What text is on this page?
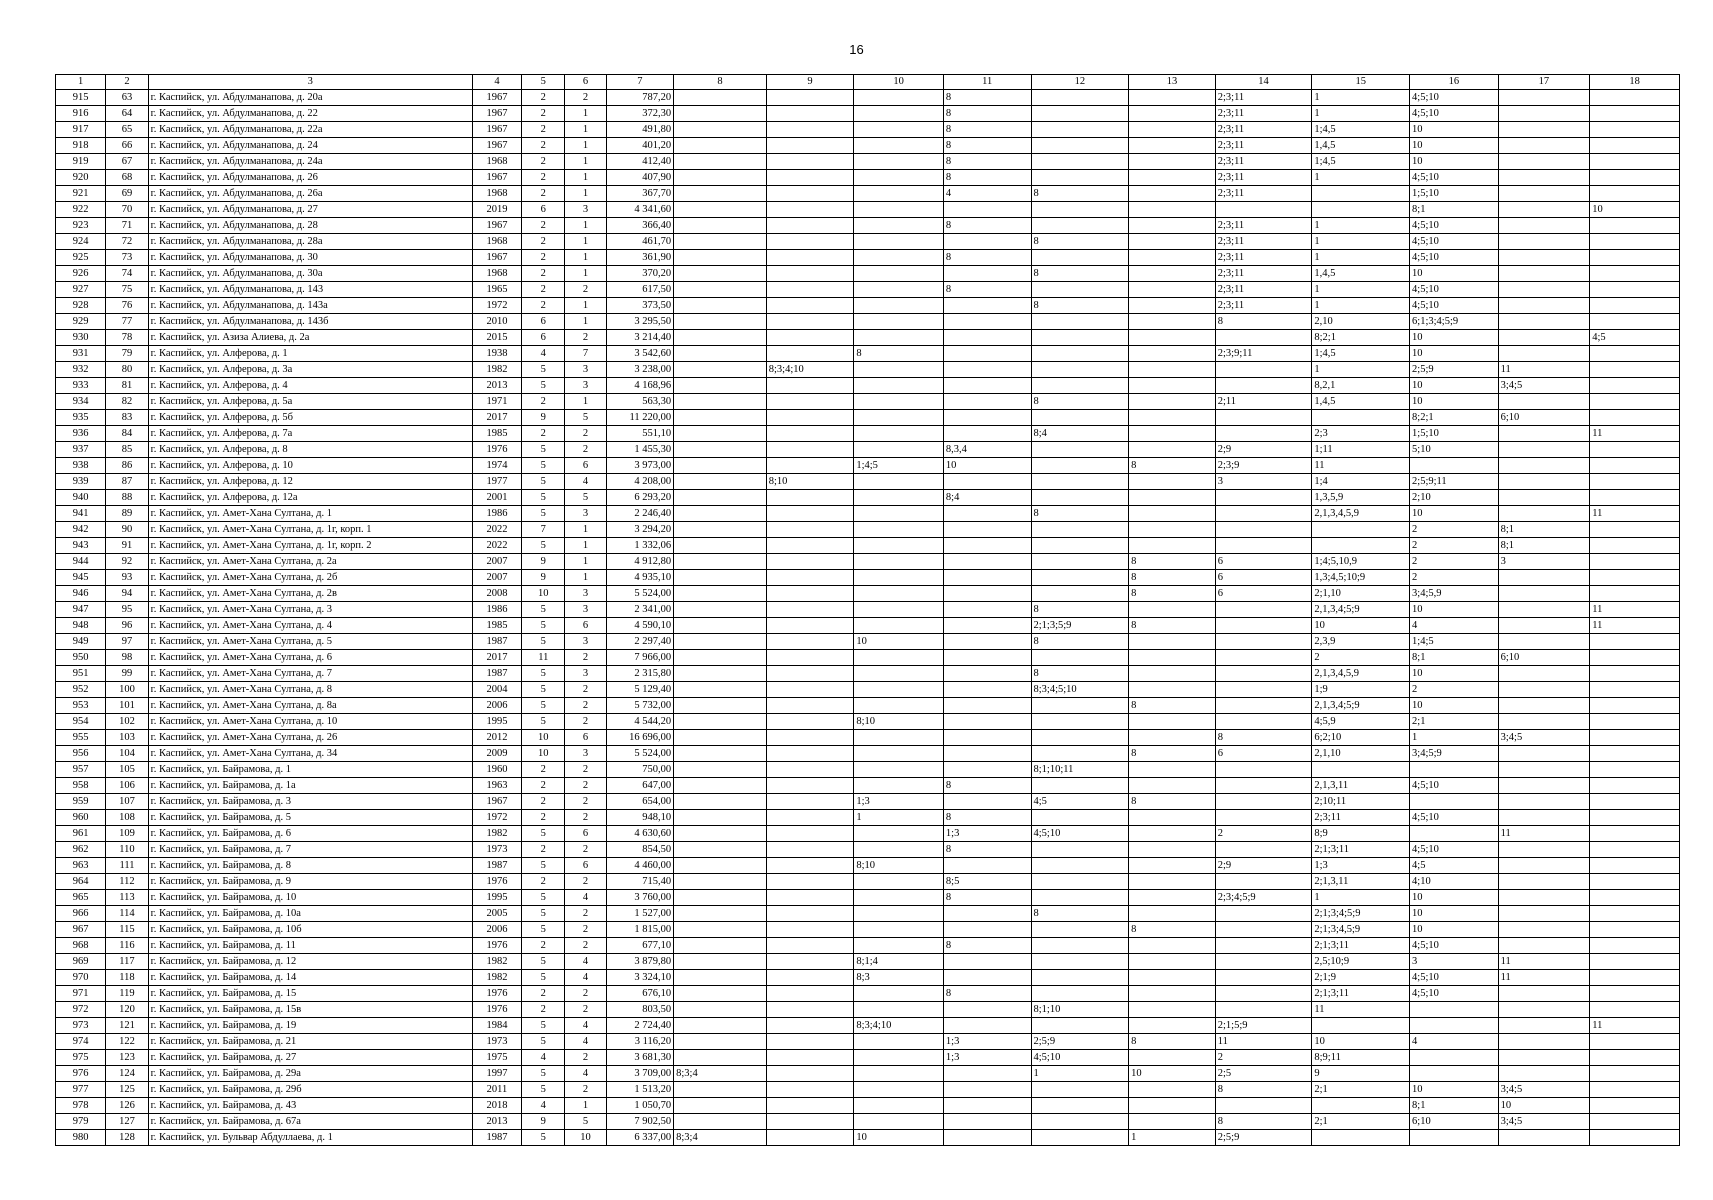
16
1	2	3	4	5	6	7	8	9	10	11	12	13	14	15	16	17	18
915	63	г. Каспийск, ул. Абдулманапова, д. 20а	1967	2	2	787,20				8			2;3;11	1	4;5;10		
916	64	г. Каспийск, ул. Абдулманапова, д. 22	1967	2	1	372,30				8			2;3;11	1	4;5;10		
917	65	г. Каспийск, ул. Абдулманапова, д. 22а	1967	2	1	491,80				8			2;3;11	1;4,5	10		
918	66	г. Каспийск, ул. Абдулманапова, д. 24	1967	2	1	401,20				8			2;3;11	1,4,5	10		
919	67	г. Каспийск, ул. Абдулманапова, д. 24а	1968	2	1	412,40				8			2;3;11	1;4,5	10		
920	68	г. Каспийск, ул. Абдулманапова, д. 26	1967	2	1	407,90				8			2;3;11	1	4;5;10		
921	69	г. Каспийск, ул. Абдулманапова, д. 26а	1968	2	1	367,70				4	8		2;3;11		1;5;10		
922	70	г. Каспийск, ул. Абдулманапова, д. 27	2019	6	3	4 341,60									8;1		10
923	71	г. Каспийск, ул. Абдулманапова, д. 28	1967	2	1	366,40				8			2;3;11	1	4;5;10		
924	72	г. Каспийск, ул. Абдулманапова, д. 28а	1968	2	1	461,70					8		2;3;11	1	4;5;10		
925	73	г. Каспийск, ул. Абдулманапова, д. 30	1967	2	1	361,90				8			2;3;11	1	4;5;10		
926	74	г. Каспийск, ул. Абдулманапова, д. 30а	1968	2	1	370,20					8		2;3;11	1,4,5	10		
927	75	г. Каспийск, ул. Абдулманапова, д. 143	1965	2	2	617,50				8			2;3;11	1	4;5;10		
928	76	г. Каспийск, ул. Абдулманапова, д. 143а	1972	2	1	373,50					8		2;3;11	1	4;5;10		
929	77	г. Каспийск, ул. Абдулманапова, д. 143б	2010	6	1	3 295,50							8	2,10	6;1;3;4;5;9		
930	78	г. Каспийск, ул. Азиза Алиева, д. 2а	2015	6	2	3 214,40								8;2;1	10		4;5
931	79	г. Каспийск, ул. Алферова, д. 1	1938	4	7	3 542,60			8				2;3;9;11	1;4,5	10		
932	80	г. Каспийск, ул. Алферова, д. 3а	1982	5	3	3 238,00		8;3;4;10						1	2;5;9	11	
933	81	г. Каспийск, ул. Алферова, д. 4	2013	5	3	4 168,96								8,2,1	10	3;4;5	
934	82	г. Каспийск, ул. Алферова, д. 5а	1971	2	1	563,30					8		2;11	1,4,5	10		
935	83	г. Каспийск, ул. Алферова, д. 5б	2017	9	5	11 220,00									8;2;1	6;10	
936	84	г. Каспийск, ул. Алферова, д. 7а	1985	2	2	551,10					8;4			2;3	1;5;10		11
937	85	г. Каспийск, ул. Алферова, д. 8	1976	5	2	1 455,30				8,3,4			2;9	1;11	5;10		
938	86	г. Каспийск, ул. Алферова, д. 10	1974	5	6	3 973,00			1;4;5	10		8	2;3;9	11			
939	87	г. Каспийск, ул. Алферова, д. 12	1977	5	4	4 208,00		8;10					3	1;4	2;5;9;11		
940	88	г. Каспийск, ул. Алферова, д. 12а	2001	5	5	6 293,20				8;4				1,3,5,9	2;10		
941	89	г. Каспийск, ул. Амет-Хана Султана, д. 1	1986	5	3	2 246,40					8			2,1,3,4,5,9	10		11
942	90	г. Каспийск, ул. Амет-Хана Султана, д. 1г, корп. 1	2022	7	1	3 294,20									2	8;1	
943	91	г. Каспийск, ул. Амет-Хана Султана, д. 1г, корп. 2	2022	5	1	1 332,06									2	8;1	
944	92	г. Каспийск, ул. Амет-Хана Султана, д. 2а	2007	9	1	4 912,80						8	6	1;4;5,10,9	2	3	
945	93	г. Каспийск, ул. Амет-Хана Султана, д. 2б	2007	9	1	4 935,10						8	6	1,3;4,5;10;9	2		
946	94	г. Каспийск, ул. Амет-Хана Султана, д. 2в	2008	10	3	5 524,00						8	6	2;1,10	3;4;5,9		
947	95	г. Каспийск, ул. Амет-Хана Султана, д. 3	1986	5	3	2 341,00					8			2,1,3,4;5;9	10		11
948	96	г. Каспийск, ул. Амет-Хана Султана, д. 4	1985	5	6	4 590,10					2;1;3;5;9	8		10	4		11
949	97	г. Каспийск, ул. Амет-Хана Султана, д. 5	1987	5	3	2 297,40			10		8			2,3,9	1;4;5		
950	98	г. Каспийск, ул. Амет-Хана Султана, д. 6	2017	11	2	7 966,00								2	8;1	6;10	
951	99	г. Каспийск, ул. Амет-Хана Султана, д. 7	1987	5	3	2 315,80					8			2,1,3,4,5,9	10		
952	100	г. Каспийск, ул. Амет-Хана Султана, д. 8	2004	5	2	5 129,40					8;3;4;5;10			1;9	2		
953	101	г. Каспийск, ул. Амет-Хана Султана, д. 8а	2006	5	2	5 732,00						8		2,1,3,4;5;9	10		
954	102	г. Каспийск, ул. Амет-Хана Султана, д. 10	1995	5	2	4 544,20			8;10					4;5,9	2;1		
955	103	г. Каспийск, ул. Амет-Хана Султана, д. 26	2012	10	6	16 696,00							8	6;2;10	1	3;4;5	
956	104	г. Каспийск, ул. Амет-Хана Султана, д. 34	2009	10	3	5 524,00						8	6	2,1,10	3;4;5;9		
957	105	г. Каспийск, ул. Байрамова, д. 1	1960	2	2	750,00					8;1;10;11						
958	106	г. Каспийск, ул. Байрамова, д. 1а	1963	2	2	647,00				8				2,1,3,11	4;5;10		
959	107	г. Каспийск, ул. Байрамова, д. 3	1967	2	2	654,00			1;3		4;5	8		2;10;11			
960	108	г. Каспийск, ул. Байрамова, д. 5	1972	2	2	948,10			1	8				2;3;11	4;5;10		
961	109	г. Каспийск, ул. Байрамова, д. 6	1982	5	6	4 630,60				1;3	4;5;10		2	8;9		11	
962	110	г. Каспийск, ул. Байрамова, д. 7	1973	2	2	854,50				8				2;1;3;11	4;5;10		
963	111	г. Каспийск, ул. Байрамова, д. 8	1987	5	6	4 460,00			8;10				2;9	1;3	4;5		
964	112	г. Каспийск, ул. Байрамова, д. 9	1976	2	2	715,40				8;5				2;1,3,11	4;10		
965	113	г. Каспийск, ул. Байрамова, д. 10	1995	5	4	3 760,00				8			2;3;4;5;9	1	10		
966	114	г. Каспийск, ул. Байрамова, д. 10а	2005	5	2	1 527,00					8			2;1;3;4;5;9	10		
967	115	г. Каспийск, ул. Байрамова, д. 10б	2006	5	2	1 815,00						8		2;1;3;4,5;9	10		
968	116	г. Каспийск, ул. Байрамова, д. 11	1976	2	2	677,10				8				2;1;3;11	4;5;10		
969	117	г. Каспийск, ул. Байрамова, д. 12	1982	5	4	3 879,80			8;1;4					2,5;10;9	3	11	
970	118	г. Каспийск, ул. Байрамова, д. 14	1982	5	4	3 324,10			8;3					2;1;9	4;5;10	11	
971	119	г. Каспийск, ул. Байрамова, д. 15	1976	2	2	676,10				8				2;1;3;11	4;5;10		
972	120	г. Каспийск, ул. Байрамова, д. 15в	1976	2	2	803,50					8;1;10			11			
973	121	г. Каспийск, ул. Байрамова, д. 19	1984	5	4	2 724,40			8;3;4;10				2;1;5;9				11
974	122	г. Каспийск, ул. Байрамова, д. 21	1973	5	4	3 116,20				1;3	2;5;9	8	11	10	4		
975	123	г. Каспийск, ул. Байрамова, д. 27	1975	4	2	3 681,30				1;3	4;5;10		2	8;9;11			
976	124	г. Каспийск, ул. Байрамова, д. 29а	1997	5	4	3 709,00	8;3;4				1	10	2;5	9			
977	125	г. Каспийск, ул. Байрамова, д. 29б	2011	5	2	1 513,20							8	2;1	10	3;4;5	
978	126	г. Каспийск, ул. Байрамова, д. 43	2018	4	1	1 050,70									8;1	10	
979	127	г. Каспийск, ул. Байрамова, д. 67а	2013	9	5	7 902,50							8	2;1	6;10	3;4;5	
980	128	г. Каспийск, ул. Бульвар Абдуллаева, д. 1	1987	5	10	6 337,00	8;3;4		10			1	2;5;9				
